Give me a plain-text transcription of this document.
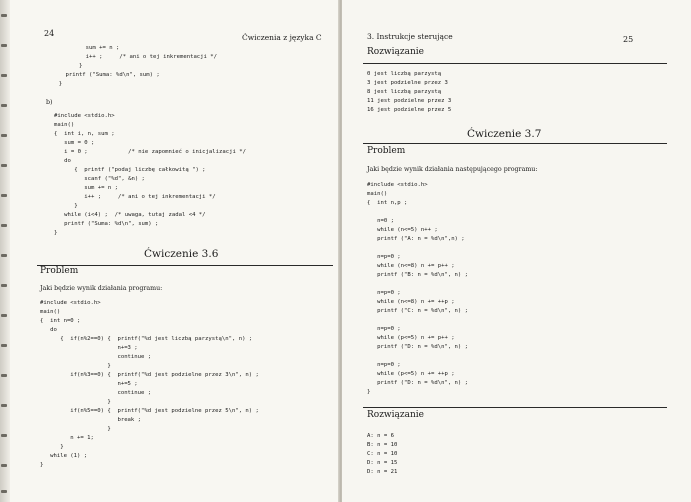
24	Ćwiczenia z języka C
sum += n ;
i++ ;     /* ani o tej inkrementacji */
}
printf ("Suma: %d\n", sum) ;
}
b)
#include <stdio.h>
main()
{  int i, n, sum ;
sum = 0 ;
i = 0 ;            /* nie zapomnieć o inicjalizacji */
do
{  printf ("podaj liczbę całkowitą ") ;
scanf ("%d", &n) ;
sum += n ;
i++ ;     /* ani o tej inkrementacji */
}
while (i<4) ;  /* uwaga, tutaj zadal <4 */
printf ("Suma: %d\n", sum) ;
}
Ćwiczenie 3.6
Problem
Jaki będzie wynik działania programu:
#include <stdio.h>
main()
{  int n=0 ;
do
{  if(n%2==0) {  printf("%d jest liczbą parzystą\n", n) ;
n+=3 ;
continue ;
}
if(n%3==0) {  printf("%d jest podzielne przez 3\n", n) ;
n+=5 ;
continue ;
}
if(n%5==0) {  printf("%d jest podzielne przez 5\n", n) ;
break ;
}
n += 1;
}
while (1) ;
}
3. Instrukcje sterujące	25
Rozwiązanie
0 jest liczbą parzystą
3 jest podzielne przez 3
8 jest liczbą parzystą
11 jest podzielne przez 3
16 jest podzielne przez 5
Ćwiczenie 3.7
Problem
Jaki będzie wynik działania następującego programu:
#include <stdio.h>
main()
{  int n,p ;

n=0 ;
while (n<=5) n++ ;
printf ("A: n = %d\n",n) ;

n=p=0 ;
while (n<=8) n += p++ ;
printf ("B: n = %d\n", n) ;

n=p=0 ;
while (n<=8) n += ++p ;
printf ("C: n = %d\n", n) ;

n=p=0 ;
while (p<=5) n += p++ ;
printf ("D: n = %d\n", n) ;

n=p=0 ;
while (p<=5) n += ++p ;
printf ("D: n = %d\n", n) ;
}
Rozwiązanie
A: n = 6
B: n = 10
C: n = 10
D: n = 15
D: n = 21
